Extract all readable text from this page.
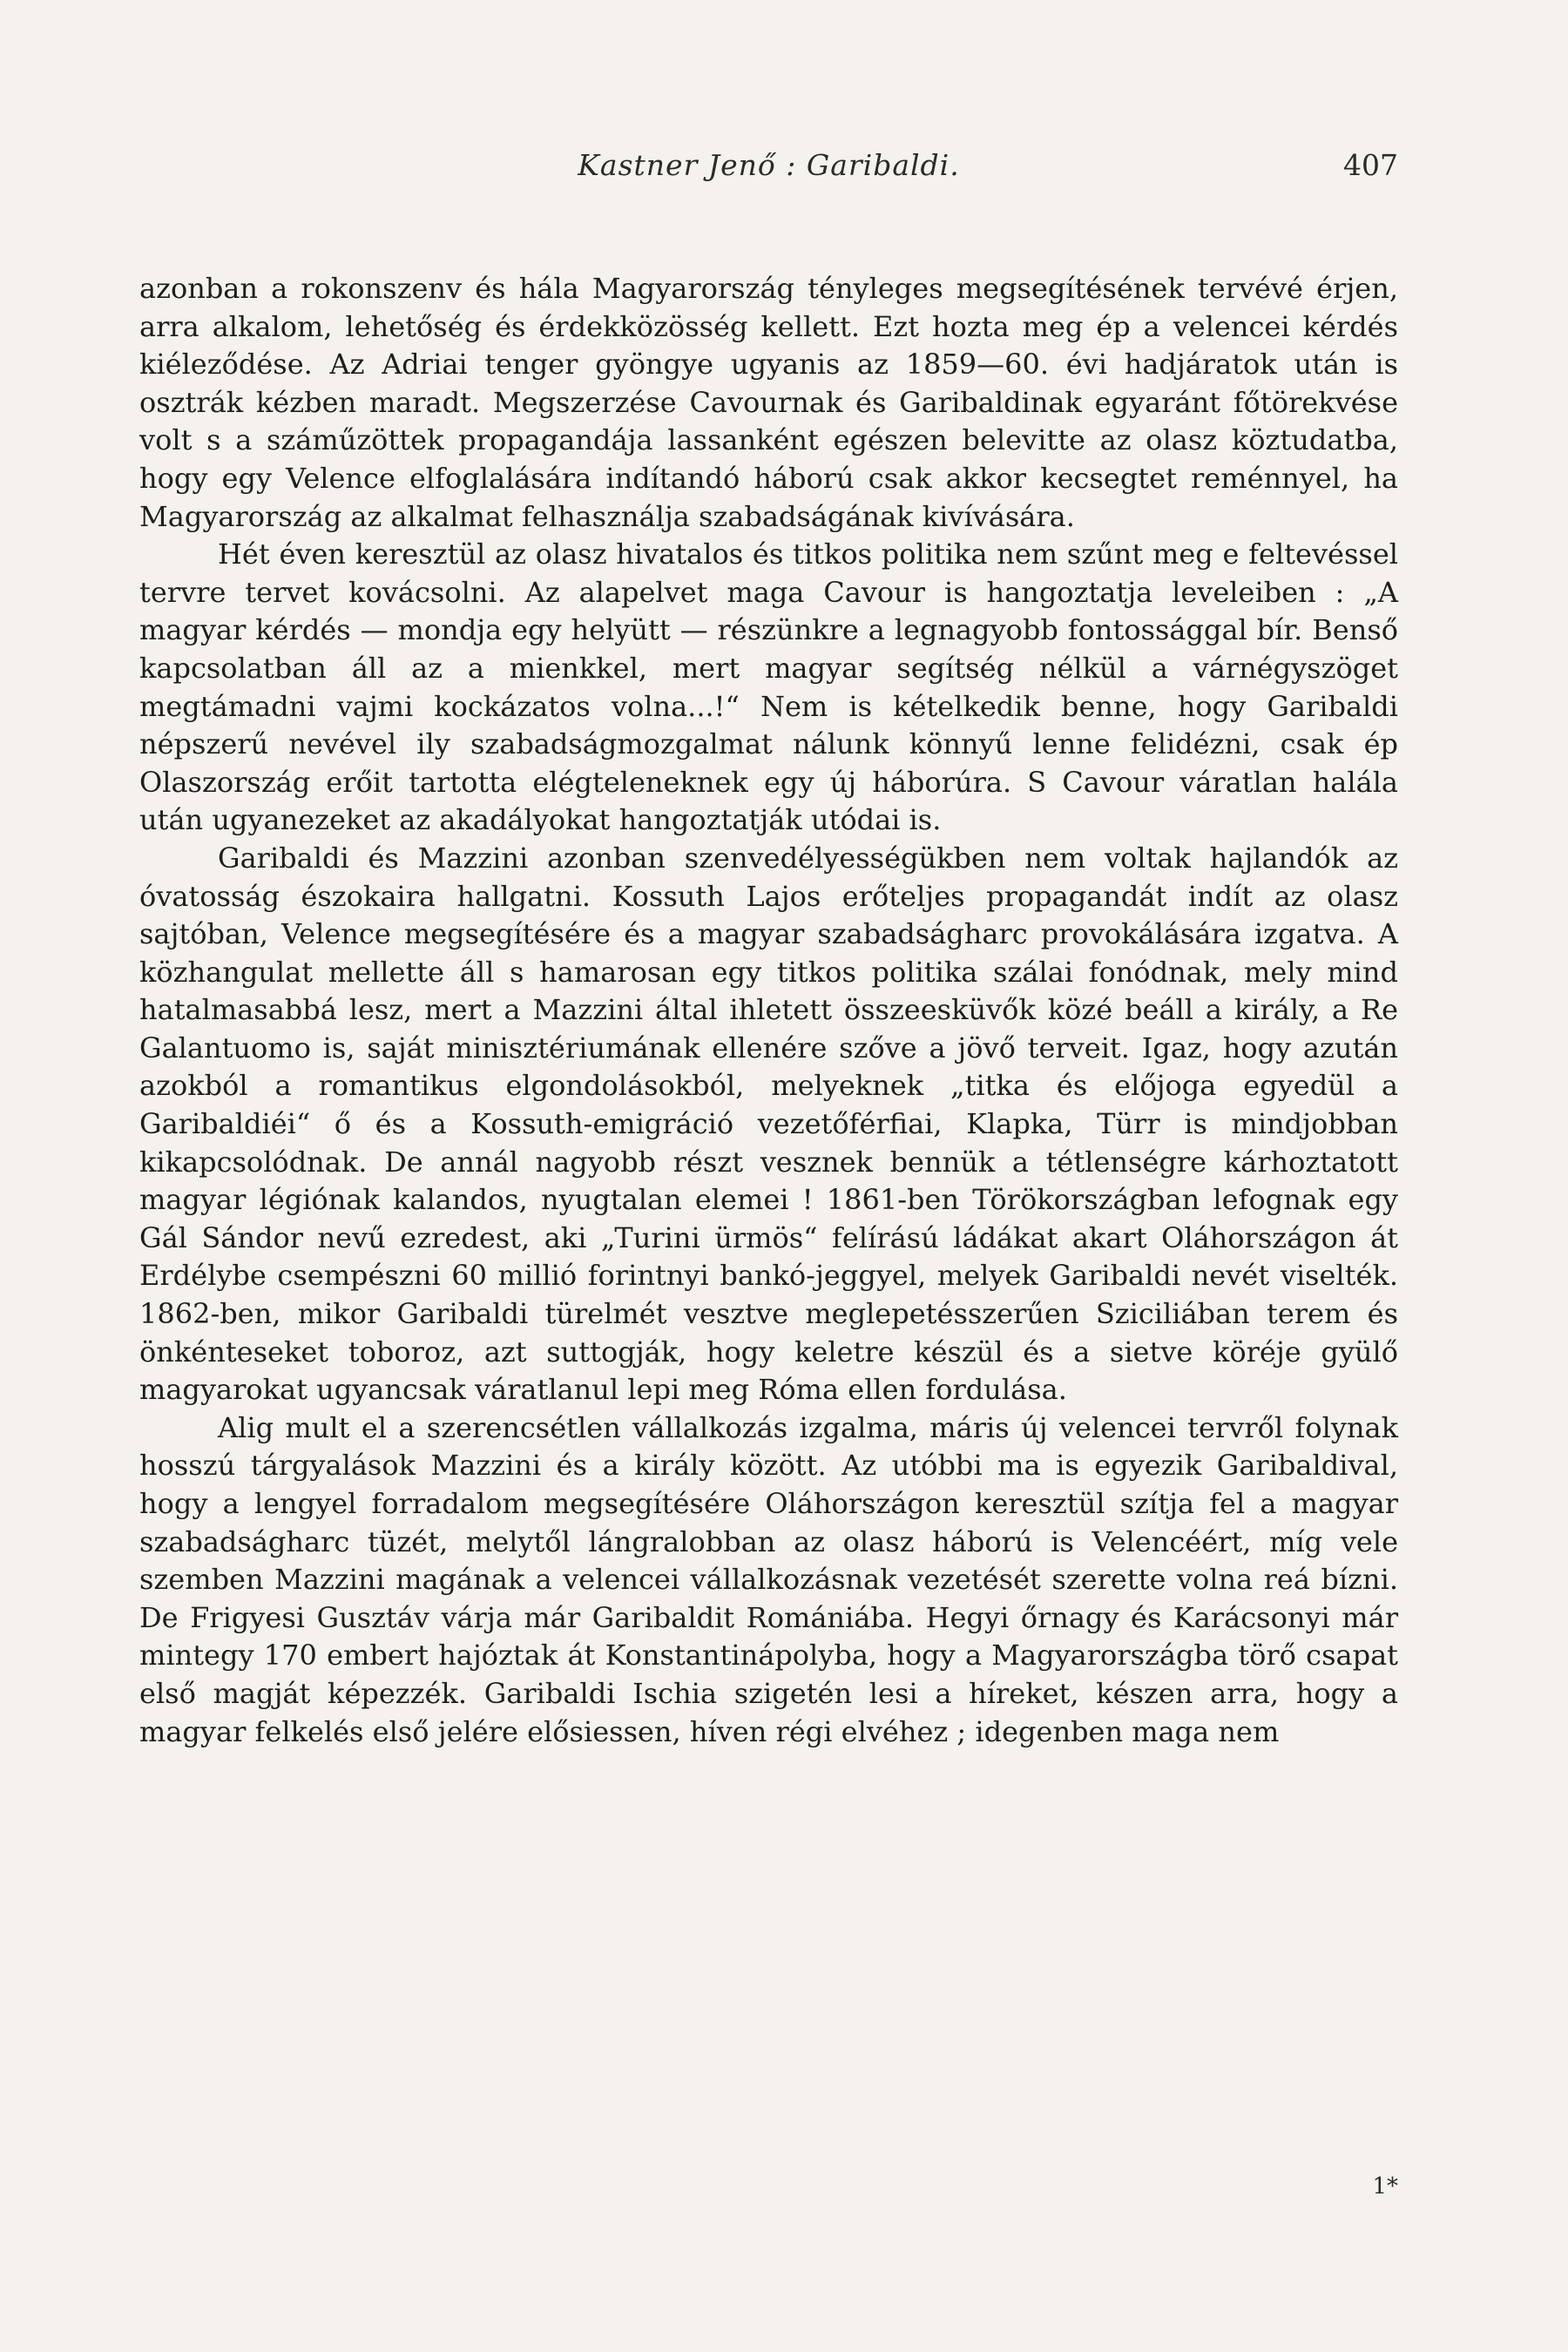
Kastner Jenő : Garibaldi.	407

azonban a rokonszenv és hála Magyarország tényleges megsegítésének tervévé érjen, arra alkalom, lehetőség és érdekközösség kellett. Ezt hozta meg ép a velencei kérdés kiéleződése. Az Adriai tenger gyöngye ugyanis az 1859—60. évi hadjáratok után is osztrák kézben maradt. Megszerzése Cavournak és Garibaldinak egyaránt főtörekvése volt s a száműzöttek propagandája lassanként egészen belevitte az olasz köztudatba, hogy egy Velence elfoglalására indítandó háború csak akkor kecsegtet reménnyel, ha Magyarország az alkalmat felhasználja szabadságának kivívására.

Hét éven keresztül az olasz hivatalos és titkos politika nem szűnt meg e feltevéssel tervre tervet kovácsolni. Az alapelvet maga Cavour is hangoztatja leveleiben : „A magyar kérdés — mondja egy helyütt — részünkre a legnagyobb fontossággal bír. Benső kapcsolatban áll az a mienkkel, mert magyar segítség nélkül a várnégyszöget megtámadni vajmi kockázatos volna...!“ Nem is kételkedik benne, hogy Garibaldi népszerű nevével ily szabadságmozgalmat nálunk könnyű lenne felidézni, csak ép Olaszország erőit tartotta elégteleneknek egy új háborúra. S Cavour váratlan halála után ugyanezeket az akadályokat hangoztatják utódai is.

Garibaldi és Mazzini azonban szenvedélyességükben nem voltak hajlandók az óvatosság észokaira hallgatni. Kossuth Lajos erőteljes propagandát indít az olasz sajtóban, Velence megsegítésére és a magyar szabadságharc provokálására izgatva. A közhangulat mellette áll s hamarosan egy titkos politika szálai fonódnak, mely mind hatalmasabbá lesz, mert a Mazzini által ihletett összeesküvők közé beáll a király, a Re Galantuomo is, saját minisztériumának ellenére szőve a jövő terveit. Igaz, hogy azután azokból a romantikus elgondolásokból, melyeknek „titka és előjoga egyedül a Garibaldiéi“ ő és a Kossuth-emigráció vezetőférfiai, Klapka, Türr is mindjobban kikapcsolódnak. De annál nagyobb részt vesznek bennük a tétlenségre kárhoztatott magyar légiónak kalandos, nyugtalan elemei ! 1861-ben Törökországban lefognak egy Gál Sándor nevű ezredest, aki „Turini ürmös“ felírású ládákat akart Oláhországon át Erdélybe csempészni 60 millió forintnyi bankó-jeggyel, melyek Garibaldi nevét viselték. 1862-ben, mikor Garibaldi türelmét vesztve meglepetésszerűen Sziciliában terem és önkénteseket toboroz, azt suttogják, hogy keletre készül és a sietve köréje gyülő magyarokat ugyancsak váratlanul lepi meg Róma ellen fordulása.

Alig mult el a szerencsétlen vállalkozás izgalma, máris új velencei tervről folynak hosszú tárgyalások Mazzini és a király között. Az utóbbi ma is egyezik Garibaldival, hogy a lengyel forradalom megsegítésére Oláhországon keresztül szítja fel a magyar szabadságharc tüzét, melytől lángralobban az olasz háború is Velencéért, míg vele szemben Mazzini magának a velencei vállalkozásnak vezetését szerette volna reá bízni. De Frigyesi Gusztáv várja már Garibaldit Romániába. Hegyi őrnagy és Karácsonyi már mintegy 170 embert hajóztak át Konstantinápolyba, hogy a Magyarországba törő csapat első magját képezzék. Garibaldi Ischia szigetén lesi a híreket, készen arra, hogy a magyar felkelés első jelére elősiessen, híven régi elvéhez ; idegenben maga nem

1*
